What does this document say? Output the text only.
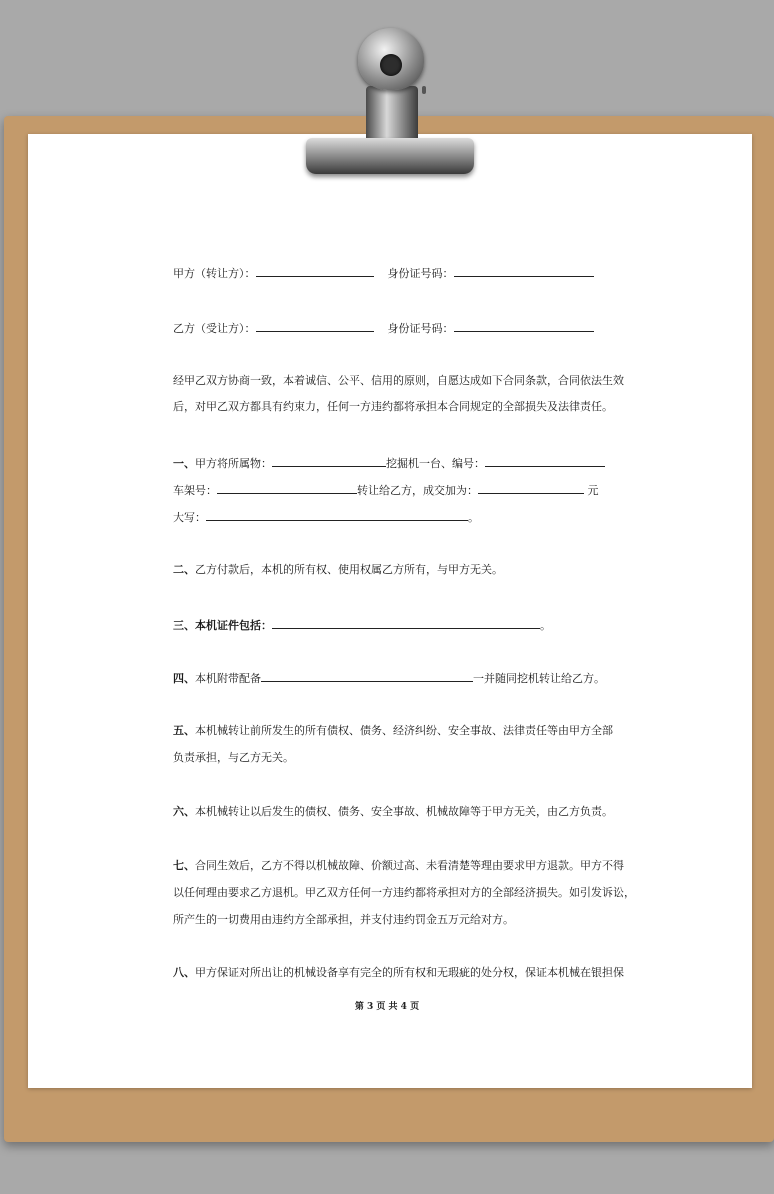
甲方（转让方）：	身份证号码：
乙方（受让方）：	身份证号码：
经甲乙双方协商一致，本着诚信、公平、信用的原则，自愿达成如下合同条款，合同依法生效
后，对甲乙双方都具有约束力，任何一方违约都将承担本合同规定的全部损失及法律责任。
一、甲方将所属物：	挖掘机一台、编号：
车架号：	转让给乙方，成交加为：	元
大写：	。
二、乙方付款后，本机的所有权、使用权属乙方所有，与甲方无关。
三、本机证件包括：	。
四、本机附带配备	一并随同挖机转让给乙方。
五、本机械转让前所发生的所有债权、债务、经济纠纷、安全事故、法律责任等由甲方全部
负责承担，与乙方无关。
六、本机械转让以后发生的债权、债务、安全事故、机械故障等于甲方无关，由乙方负责。
七、合同生效后，乙方不得以机械故障、价额过高、未看清楚等理由要求甲方退款。甲方不得
以任何理由要求乙方退机。甲乙双方任何一方违约都将承担对方的全部经济损失。如引发诉讼，
所产生的一切费用由违约方全部承担，并支付违约罚金五万元给对方。
八、甲方保证对所出让的机械设备享有完全的所有权和无瑕疵的处分权，保证本机械在银担保
第 3 页 共 4 页
